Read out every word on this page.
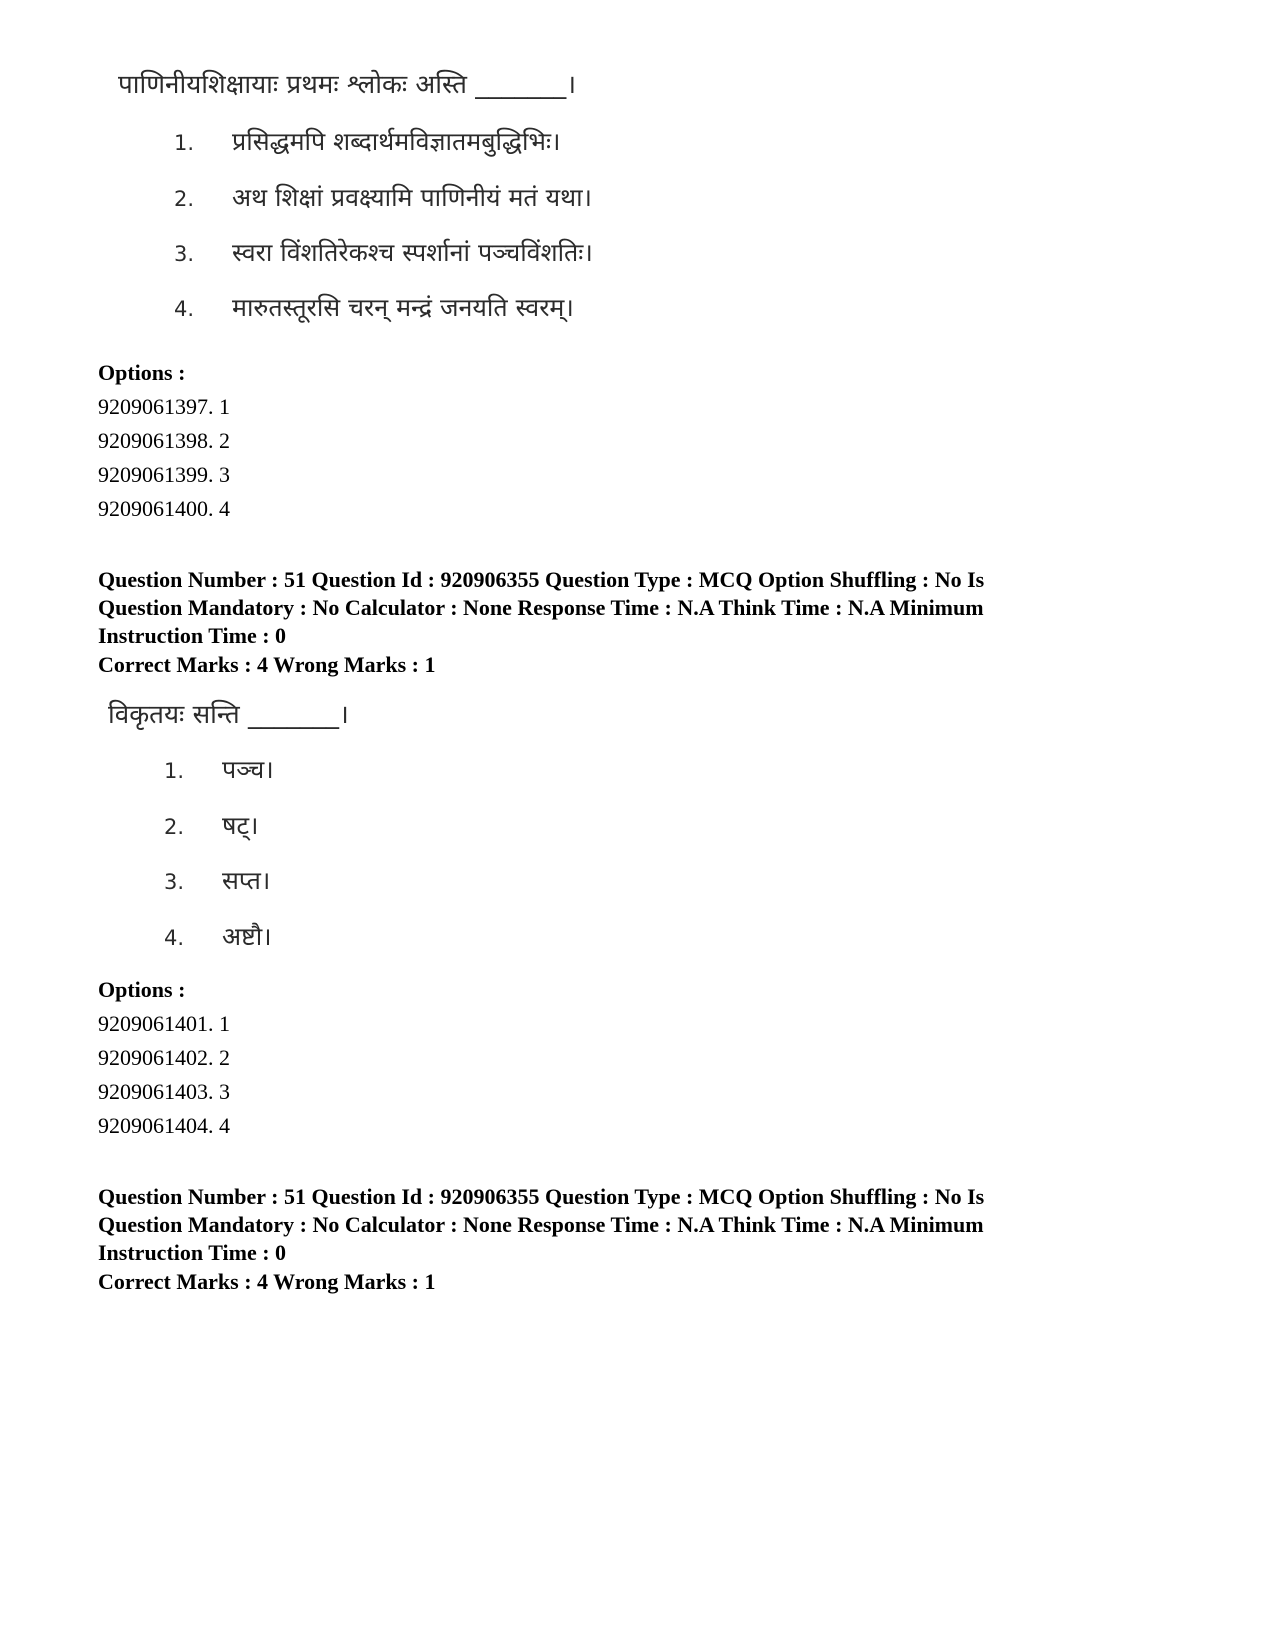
पाणिनीयशिक्षायाः प्रथमः श्लोकः अस्ति _______।
1. प्रसिद्धमपि शब्दार्थमविज्ञातमबुद्धिभिः।
2. अथ शिक्षां प्रवक्ष्यामि पाणिनीयं मतं यथा।
3. स्वरा विंशतिरेकश्च स्पर्शानां पञ्चविंशतिः।
4. मारुतस्तूरसि चरन् मन्द्रं जनयति स्वरम्।
Options :
9209061397. 1
9209061398. 2
9209061399. 3
9209061400. 4
Question Number : 51 Question Id : 920906355 Question Type : MCQ Option Shuffling : No Is
Question Mandatory : No Calculator : None Response Time : N.A Think Time : N.A Minimum
Instruction Time : 0
Correct Marks : 4 Wrong Marks : 1
विकृतयः सन्ति _______।
1. पञ्च।
2. षट्।
3. सप्त।
4. अष्टौ।
Options :
9209061401. 1
9209061402. 2
9209061403. 3
9209061404. 4
Question Number : 51 Question Id : 920906355 Question Type : MCQ Option Shuffling : No Is
Question Mandatory : No Calculator : None Response Time : N.A Think Time : N.A Minimum
Instruction Time : 0
Correct Marks : 4 Wrong Marks : 1
